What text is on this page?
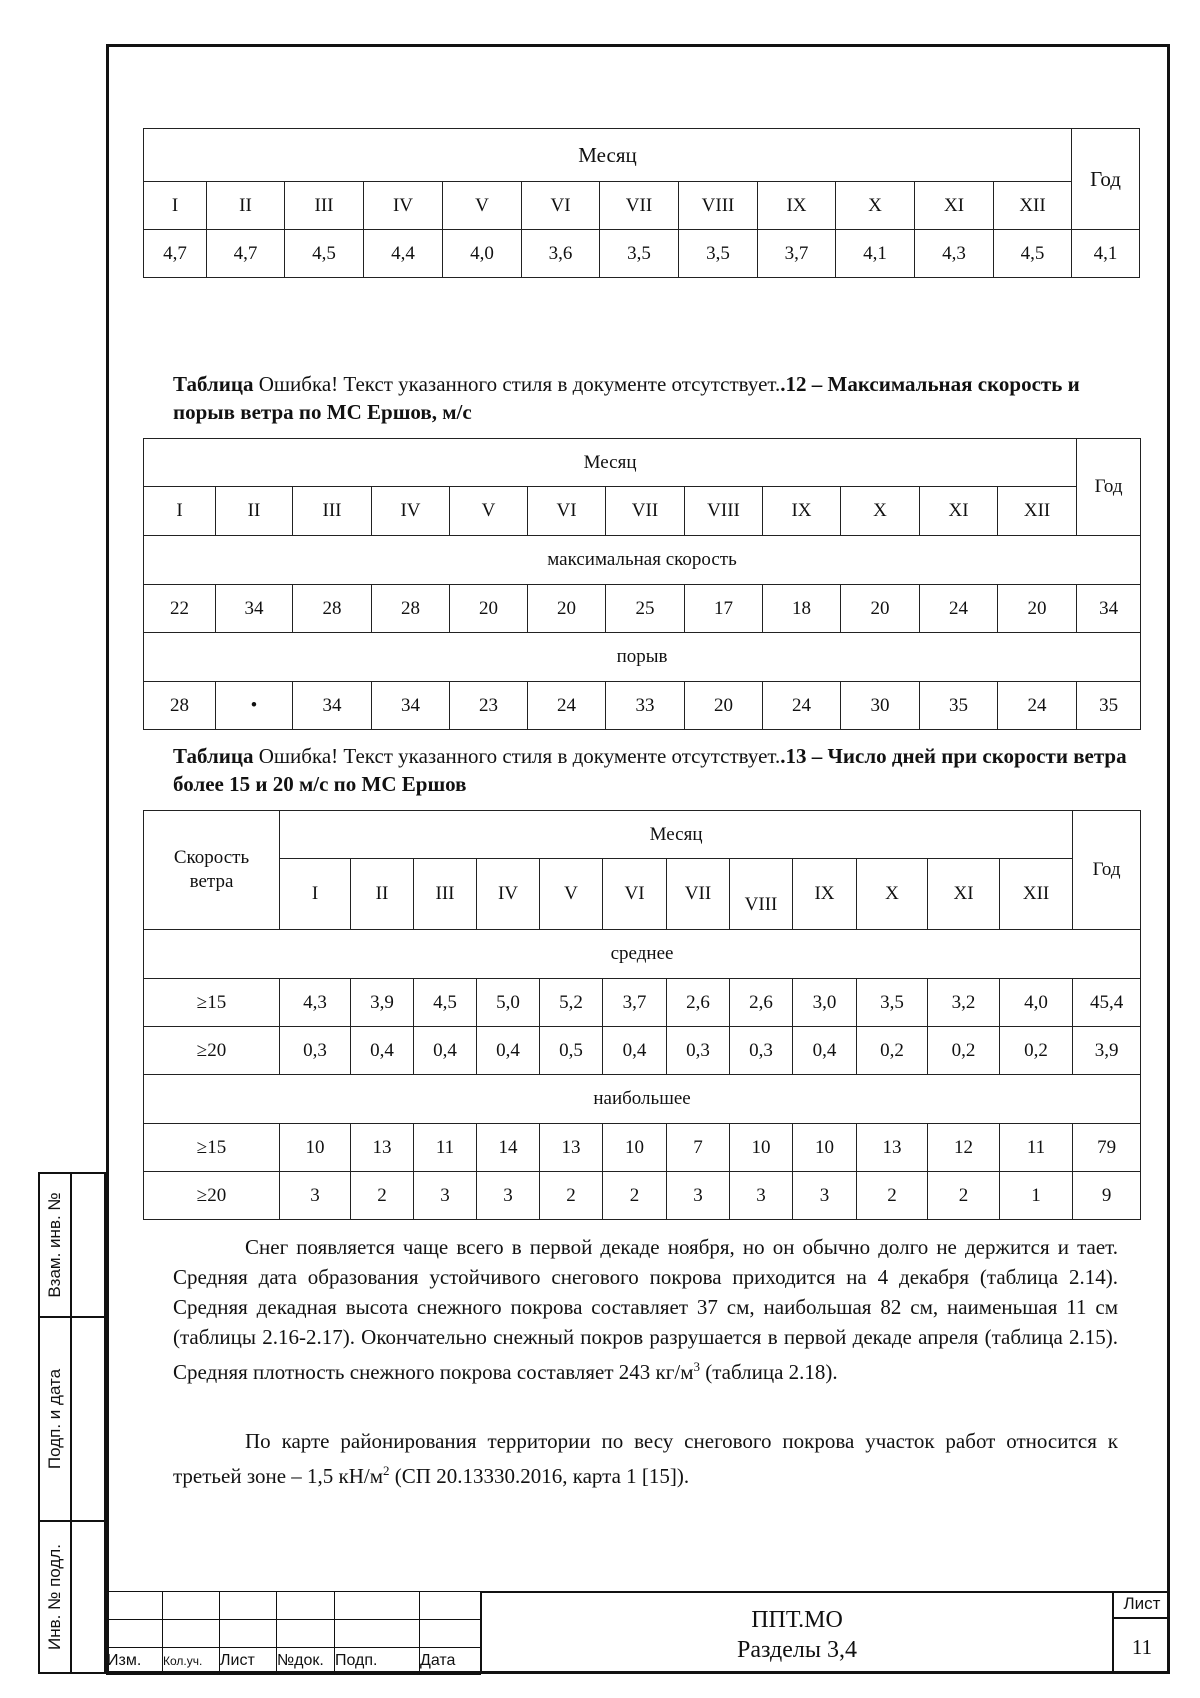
Месяц												Год
I	II	III	IV	V	VI	VII	VIII	IX	X	XI	XII	
4,7	4,7	4,5	4,4	4,0	3,6	3,5	3,5	3,7	4,1	4,3	4,5	4,1
Таблица Ошибка! Текст указанного стиля в документе отсутствует..12 – Максимальная скорость и порыв ветра по МС Ершов, м/с
Месяц												Год
I	II	III	IV	V	VI	VII	VIII	IX	X	XI	XII	
максимальная скорость												
22	34	28	28	20	20	25	17	18	20	24	20	34
порыв												
28	•	34	34	23	24	33	20	24	30	35	24	35
Таблица Ошибка! Текст указанного стиля в документе отсутствует..13 – Число дней при скорости ветра более 15 и 20 м/с по МС Ершов
Скорость ветра	Месяц												Год
	I	II	III	IV	V	VI	VII	VIII	IX	X	XI	XII	
среднее													
≥15	4,3	3,9	4,5	5,0	5,2	3,7	2,6	2,6	3,0	3,5	3,2	4,0	45,4
≥20	0,3	0,4	0,4	0,4	0,5	0,4	0,3	0,3	0,4	0,2	0,2	0,2	3,9
наибольшее													
≥15	10	13	11	14	13	10	7	10	10	13	12	11	79
≥20	3	2	3	3	2	2	3	3	3	2	2	1	9
Снег появляется чаще всего в первой декаде ноября, но он обычно долго не держится и тает. Средняя дата образования устойчивого снегового покрова приходится на 4 декабря (таблица 2.14). Средняя декадная высота снежного покрова составляет 37 см, наибольшая 82 см, наименьшая 11 см (таблицы 2.16-2.17). Окончательно снежный покров разрушается в первой декаде апреля (таблица 2.15). Средняя плотность снежного покрова составляет 243 $кг/м^3$ (таблица 2.18).
По карте районирования территории по весу снегового покрова участок работ относится к третьей зоне – 1,5 $кН/м^2$ (СП 20.13330.2016, карта 1 [15]).
Взам. инв. №
Подп. и дата
Инв. № подл.

Изм.	Кол.уч.	Лист	№док.	Подп.	Дата
ППТ.МО
Разделы 3,4
Лист
11
